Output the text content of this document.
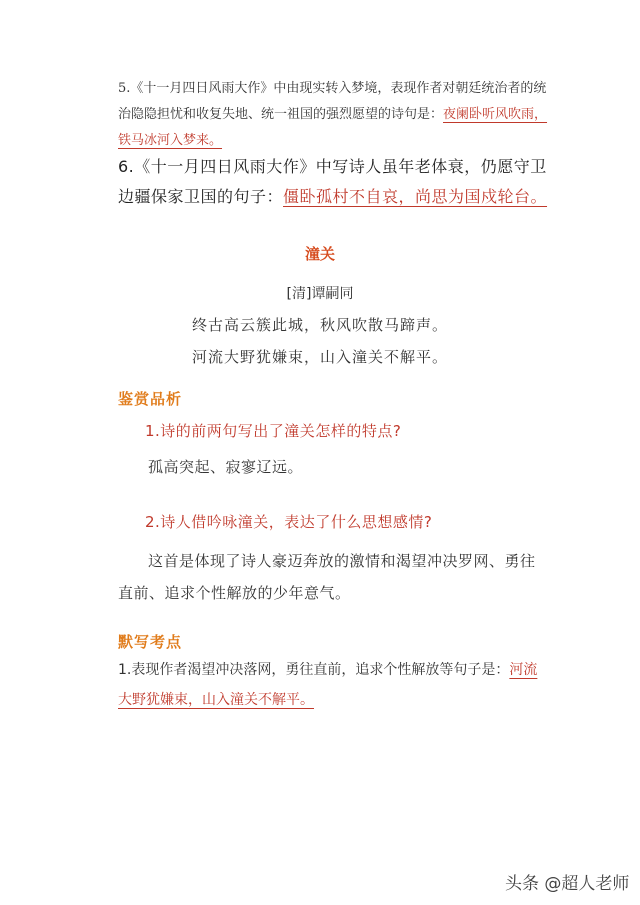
5.《十一月四日风雨大作》中由现实转入梦境，表现作者对朝廷统治者的统治隐隐担忧和收复失地、统一祖国的强烈愿望的诗句是：夜阑卧听风吹雨，铁马冰河入梦来。
6.《十一月四日风雨大作》中写诗人虽年老体衰，仍愿守卫边疆保家卫国的句子：僵卧孤村不自哀，尚思为国戍轮台。
潼关
[清]谭嗣同
终古高云簇此城，秋风吹散马蹄声。
河流大野犹嫌束，山入潼关不解平。
鉴赏品析
1.诗的前两句写出了潼关怎样的特点?
孤高突起、寂寥辽远。
2.诗人借吟咏潼关，表达了什么思想感情?
这首是体现了诗人豪迈奔放的激情和渴望冲决罗网、勇往直前、追求个性解放的少年意气。
默写考点
1.表现作者渴望冲决落网，勇往直前，追求个性解放等句子是：河流大野犹嫌束，山入潼关不解平。
头条 @超人老师
